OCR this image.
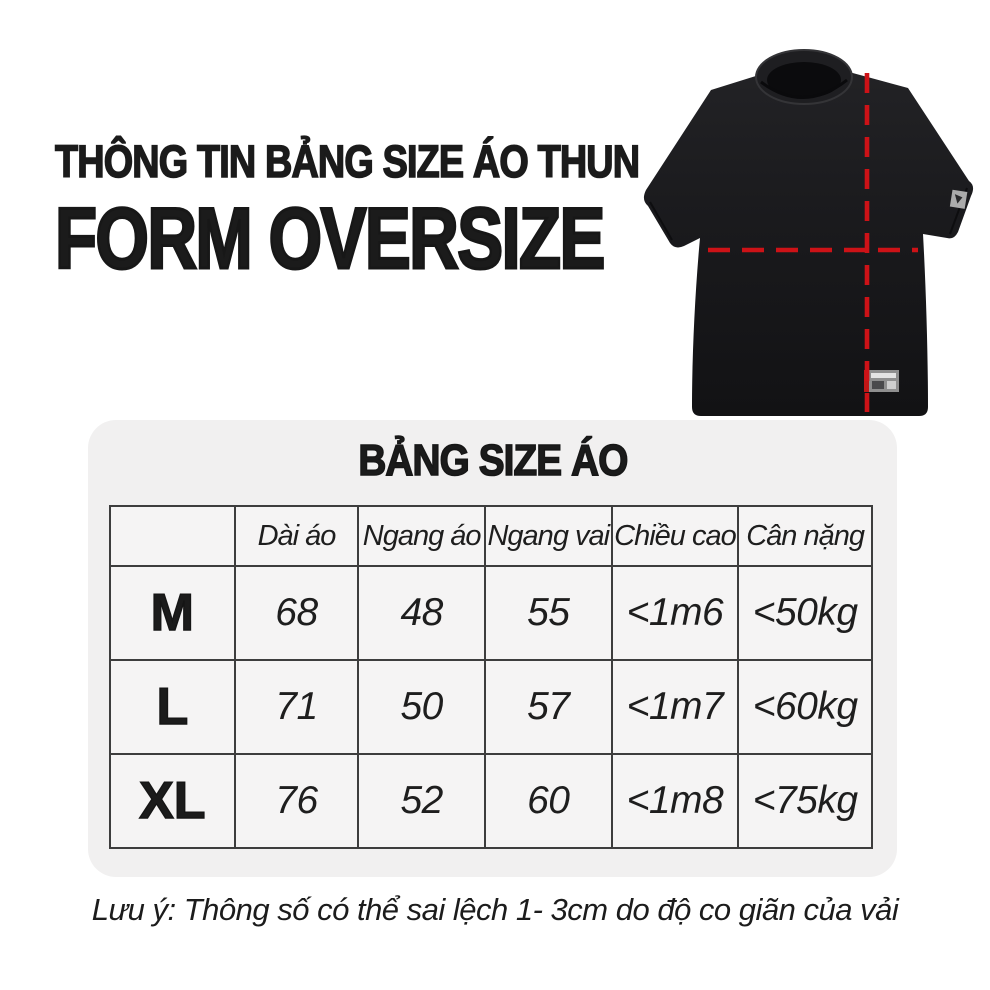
THÔNG TIN BẢNG SIZE ÁO THUN
FORM OVERSIZE
BẢNG SIZE ÁO
	Dài áo	Ngang áo	Ngang vai	Chiều cao	Cân nặng
M	68	48	55	<1m6	<50kg
L	71	50	57	<1m7	<60kg
XL	76	52	60	<1m8	<75kg
Lưu ý: Thông số có thể sai lệch 1- 3cm do độ co giãn của vải
